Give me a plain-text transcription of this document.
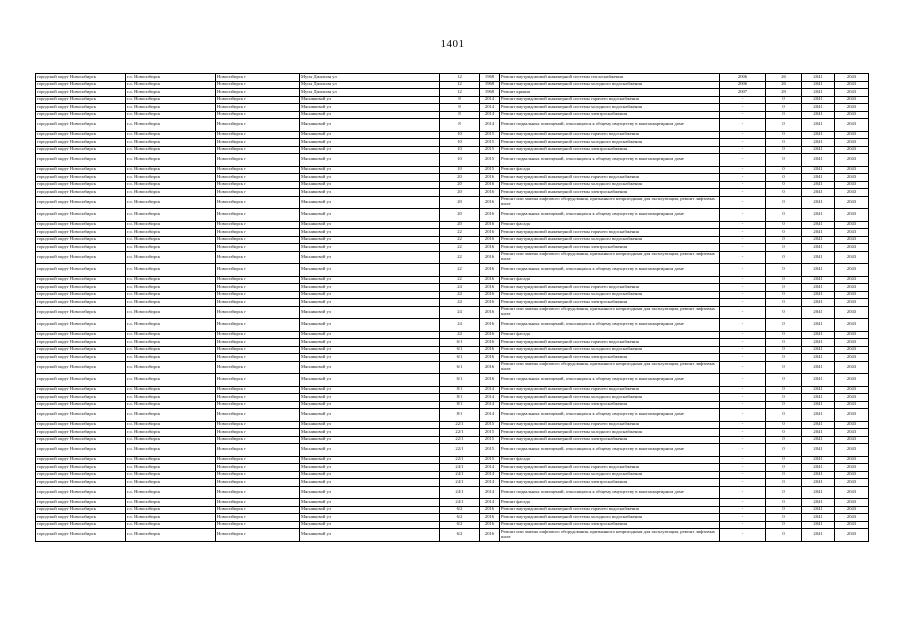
1401
городской округ Новосибирск	г.о. Новосибирск	Новосибирск г	Мусы Джалиля ул	12	1968	Ремонт внутридомовой инженерной системы теплоснабжения	2006	26	2041	2043
городской округ Новосибирск	г.о. Новосибирск	Новосибирск г	Мусы Джалиля ул	12	1968	Ремонт внутридомовой инженерной системы холодного водоснабжения	2006	26	2041	2043
городской округ Новосибирск	г.о. Новосибирск	Новосибирск г	Мусы Джалиля ул	12	1968	Ремонт крыши	2007	29	2041	2043
городской округ Новосибирск	г.о. Новосибирск	Новосибирск г	Мясниковой ул	8	2014	Ремонт внутридомовой инженерной системы горячего водоснабжения	-	0	2041	2043
городской округ Новосибирск	г.о. Новосибирск	Новосибирск г	Мясниковой ул	8	2014	Ремонт внутридомовой инженерной системы холодного водоснабжения	-	0	2041	2043
городской округ Новосибирск	г.о. Новосибирск	Новосибирск г	Мясниковой ул	8	2014	Ремонт внутридомовой инженерной системы электроснабжения	-	0	2041	2043
городской округ Новосибирск	г.о. Новосибирск	Новосибирск г	Мясниковой ул	8	2014	Ремонт подвальных помещений, относящихся к общему имуществу в многоквартирном доме	-	0	2041	2043
городской округ Новосибирск	г.о. Новосибирск	Новосибирск г	Мясниковой ул	10	2015	Ремонт внутридомовой инженерной системы горячего водоснабжения	-	0	2041	2043
городской округ Новосибирск	г.о. Новосибирск	Новосибирск г	Мясниковой ул	10	2015	Ремонт внутридомовой инженерной системы холодного водоснабжения	-	0	2041	2043
городской округ Новосибирск	г.о. Новосибирск	Новосибирск г	Мясниковой ул	10	2015	Ремонт внутридомовой инженерной системы электроснабжения	-	0	2041	2043
городской округ Новосибирск	г.о. Новосибирск	Новосибирск г	Мясниковой ул	10	2015	Ремонт подвальных помещений, относящихся к общему имуществу в многоквартирном доме	-	0	2041	2043
городской округ Новосибирск	г.о. Новосибирск	Новосибирск г	Мясниковой ул	10	2015	Ремонт фасада	-	0	2041	2043
городской округ Новосибирск	г.о. Новосибирск	Новосибирск г	Мясниковой ул	20	2016	Ремонт внутридомовой инженерной системы горячего водоснабжения	-	0	2041	2043
городской округ Новосибирск	г.о. Новосибирск	Новосибирск г	Мясниковой ул	20	2016	Ремонт внутридомовой инженерной системы холодного водоснабжения	-	0	2041	2043
городской округ Новосибирск	г.о. Новосибирск	Новосибирск г	Мясниковой ул	20	2016	Ремонт внутридомовой инженерной системы электроснабжения	-	0	2041	2043
городской округ Новосибирск	г.о. Новосибирск	Новосибирск г	Мясниковой ул	20	2016	Ремонт или замена лифтового оборудования, признанного непригодным для эксплуатации, ремонт лифтовых шахт	-	0	2041	2043
городской округ Новосибирск	г.о. Новосибирск	Новосибирск г	Мясниковой ул	20	2016	Ремонт подвальных помещений, относящихся к общему имуществу в многоквартирном доме	-	0	2041	2043
городской округ Новосибирск	г.о. Новосибирск	Новосибирск г	Мясниковой ул	20	2016	Ремонт фасада	-	0	2041	2043
городской округ Новосибирск	г.о. Новосибирск	Новосибирск г	Мясниковой ул	22	2016	Ремонт внутридомовой инженерной системы горячего водоснабжения	-	0	2041	2043
городской округ Новосибирск	г.о. Новосибирск	Новосибирск г	Мясниковой ул	22	2016	Ремонт внутридомовой инженерной системы холодного водоснабжения	-	0	2041	2043
городской округ Новосибирск	г.о. Новосибирск	Новосибирск г	Мясниковой ул	22	2016	Ремонт внутридомовой инженерной системы электроснабжения	-	0	2041	2043
городской округ Новосибирск	г.о. Новосибирск	Новосибирск г	Мясниковой ул	22	2016	Ремонт или замена лифтового оборудования, признанного непригодным для эксплуатации, ремонт лифтовых шахт	-	0	2041	2043
городской округ Новосибирск	г.о. Новосибирск	Новосибирск г	Мясниковой ул	22	2016	Ремонт подвальных помещений, относящихся к общему имуществу в многоквартирном доме	-	0	2041	2043
городской округ Новосибирск	г.о. Новосибирск	Новосибирск г	Мясниковой ул	22	2016	Ремонт фасада	-	0	2041	2043
городской округ Новосибирск	г.о. Новосибирск	Новосибирск г	Мясниковой ул	24	2016	Ремонт внутридомовой инженерной системы горячего водоснабжения	-	0	2041	2043
городской округ Новосибирск	г.о. Новосибирск	Новосибирск г	Мясниковой ул	24	2016	Ремонт внутридомовой инженерной системы холодного водоснабжения	-	0	2041	2043
городской округ Новосибирск	г.о. Новосибирск	Новосибирск г	Мясниковой ул	24	2016	Ремонт внутридомовой инженерной системы электроснабжения	-	0	2041	2043
городской округ Новосибирск	г.о. Новосибирск	Новосибирск г	Мясниковой ул	24	2016	Ремонт или замена лифтового оборудования, признанного непригодным для эксплуатации, ремонт лифтовых шахт	-	0	2041	2043
городской округ Новосибирск	г.о. Новосибирск	Новосибирск г	Мясниковой ул	24	2016	Ремонт подвальных помещений, относящихся к общему имуществу в многоквартирном доме	-	0	2041	2043
городской округ Новосибирск	г.о. Новосибирск	Новосибирск г	Мясниковой ул	24	2016	Ремонт фасада	-	0	2041	2043
городской округ Новосибирск	г.о. Новосибирск	Новосибирск г	Мясниковой ул	6/1	2016	Ремонт внутридомовой инженерной системы горячего водоснабжения	-	0	2041	2043
городской округ Новосибирск	г.о. Новосибирск	Новосибирск г	Мясниковой ул	6/1	2016	Ремонт внутридомовой инженерной системы холодного водоснабжения	-	0	2041	2043
городской округ Новосибирск	г.о. Новосибирск	Новосибирск г	Мясниковой ул	6/1	2016	Ремонт внутридомовой инженерной системы электроснабжения	-	0	2041	2043
городской округ Новосибирск	г.о. Новосибирск	Новосибирск г	Мясниковой ул	6/1	2016	Ремонт или замена лифтового оборудования, признанного непригодным для эксплуатации, ремонт лифтовых шахт	-	0	2041	2043
городской округ Новосибирск	г.о. Новосибирск	Новосибирск г	Мясниковой ул	6/1	2016	Ремонт подвальных помещений, относящихся к общему имуществу в многоквартирном доме	-	0	2041	2043
городской округ Новосибирск	г.о. Новосибирск	Новосибирск г	Мясниковой ул	8/1	2014	Ремонт внутридомовой инженерной системы горячего водоснабжения	-	0	2041	2043
городской округ Новосибирск	г.о. Новосибирск	Новосибирск г	Мясниковой ул	8/1	2014	Ремонт внутридомовой инженерной системы холодного водоснабжения	-	0	2041	2043
городской округ Новосибирск	г.о. Новосибирск	Новосибирск г	Мясниковой ул	8/1	2014	Ремонт внутридомовой инженерной системы электроснабжения	-	0	2041	2043
городской округ Новосибирск	г.о. Новосибирск	Новосибирск г	Мясниковой ул	8/1	2014	Ремонт подвальных помещений, относящихся к общему имуществу в многоквартирном доме	-	0	2041	2043
городской округ Новосибирск	г.о. Новосибирск	Новосибирск г	Мясниковой ул	22/1	2015	Ремонт внутридомовой инженерной системы горячего водоснабжения	-	0	2041	2043
городской округ Новосибирск	г.о. Новосибирск	Новосибирск г	Мясниковой ул	22/1	2015	Ремонт внутридомовой инженерной системы холодного водоснабжения	-	0	2041	2043
городской округ Новосибирск	г.о. Новосибирск	Новосибирск г	Мясниковой ул	22/1	2015	Ремонт внутридомовой инженерной системы электроснабжения	-	0	2041	2043
городской округ Новосибирск	г.о. Новосибирск	Новосибирск г	Мясниковой ул	22/1	2015	Ремонт подвальных помещений, относящихся к общему имуществу в многоквартирном доме	-	0	2041	2043
городской округ Новосибирск	г.о. Новосибирск	Новосибирск г	Мясниковой ул	22/1	2015	Ремонт фасада	-	0	2041	2043
городской округ Новосибирск	г.о. Новосибирск	Новосибирск г	Мясниковой ул	24/1	2014	Ремонт внутридомовой инженерной системы горячего водоснабжения	-	0	2041	2043
городской округ Новосибирск	г.о. Новосибирск	Новосибирск г	Мясниковой ул	24/1	2014	Ремонт внутридомовой инженерной системы холодного водоснабжения	-	0	2041	2043
городской округ Новосибирск	г.о. Новосибирск	Новосибирск г	Мясниковой ул	24/1	2014	Ремонт внутридомовой инженерной системы электроснабжения	-	0	2041	2043
городской округ Новосибирск	г.о. Новосибирск	Новосибирск г	Мясниковой ул	24/1	2014	Ремонт подвальных помещений, относящихся к общему имуществу в многоквартирном доме	-	0	2041	2043
городской округ Новосибирск	г.о. Новосибирск	Новосибирск г	Мясниковой ул	24/1	2014	Ремонт фасада	-	0	2041	2043
городской округ Новосибирск	г.о. Новосибирск	Новосибирск г	Мясниковой ул	6/2	2016	Ремонт внутридомовой инженерной системы горячего водоснабжения	-	0	2041	2043
городской округ Новосибирск	г.о. Новосибирск	Новосибирск г	Мясниковой ул	6/2	2016	Ремонт внутридомовой инженерной системы холодного водоснабжения	-	0	2041	2043
городской округ Новосибирск	г.о. Новосибирск	Новосибирск г	Мясниковой ул	6/2	2016	Ремонт внутридомовой инженерной системы электроснабжения	-	0	2041	2043
городской округ Новосибирск	г.о. Новосибирск	Новосибирск г	Мясниковой ул	6/2	2016	Ремонт или замена лифтового оборудования, признанного непригодным для эксплуатации, ремонт лифтовых шахт	-	0	2041	2043
